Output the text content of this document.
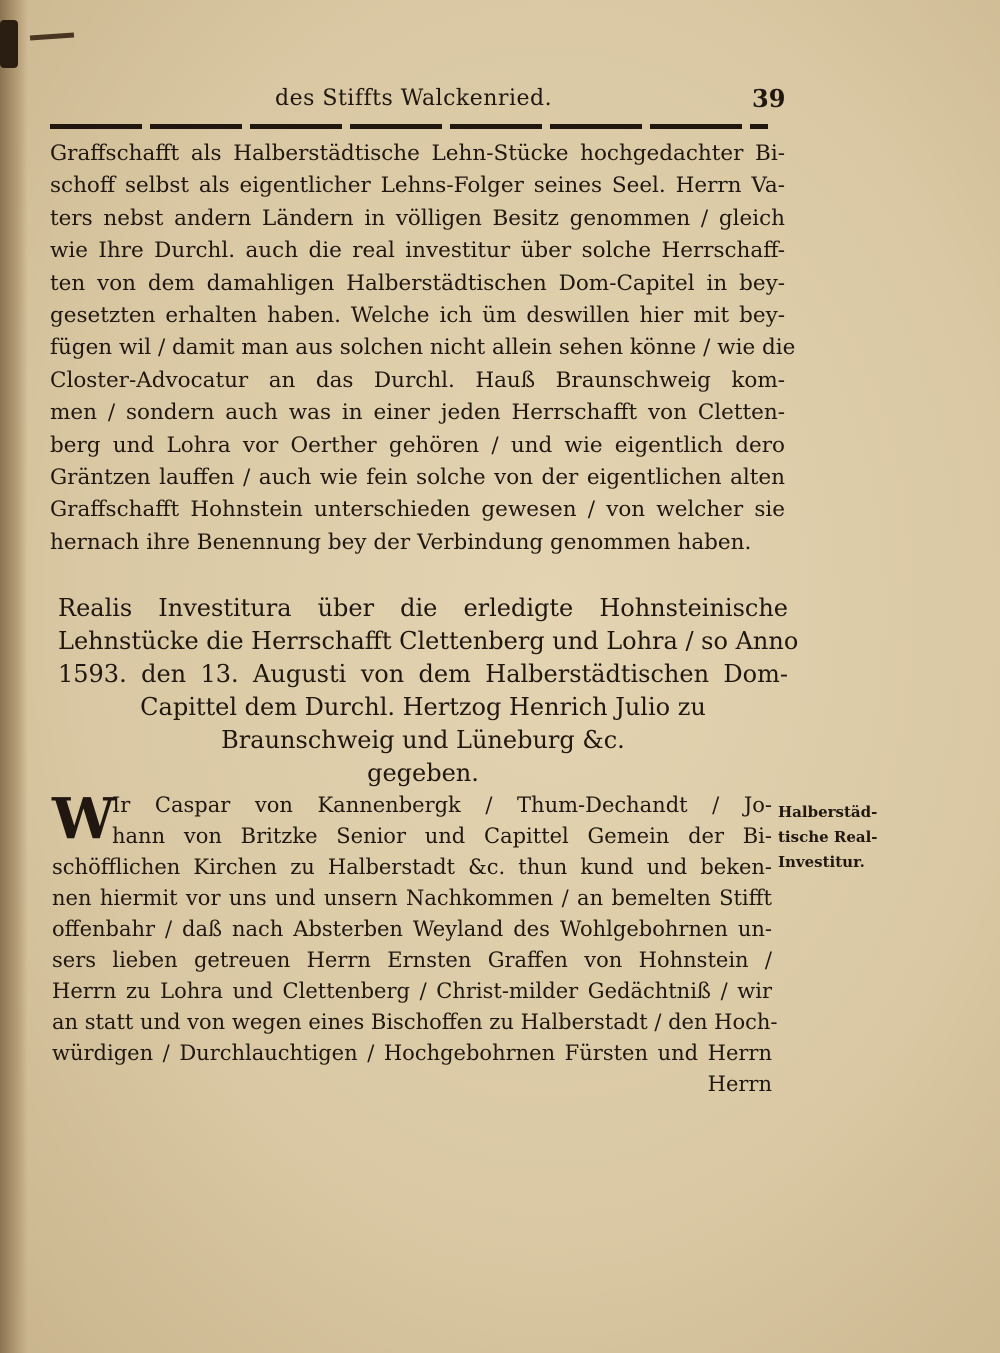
des Stiffts Walckenried.	39
Graffschafft als Halberstädtische Lehn-Stücke hochgedachter Bi-
schoff selbst als eigentlicher Lehns-Folger seines Seel. Herrn Va-
ters nebst andern Ländern in völligen Besitz genommen / gleich
wie Ihre Durchl. auch die real investitur über solche Herrschaff-
ten von dem damahligen Halberstädtischen Dom-Capitel in bey-
gesetzten erhalten haben. Welche ich üm deswillen hier mit bey-
fügen wil / damit man aus solchen nicht allein sehen könne / wie die
Closter-Advocatur an das Durchl. Hauß Braunschweig kom-
men / sondern auch was in einer jeden Herrschafft von Cletten-
berg und Lohra vor Oerther gehören / und wie eigentlich dero
Gräntzen lauffen / auch wie fein solche von der eigentlichen alten
Graffschafft Hohnstein unterschieden gewesen / von welcher sie
hernach ihre Benennung bey der Verbindung genommen haben.
Realis Investitura über die erledigte Hohnsteinische
Lehnstücke die Herrschafft Clettenberg und Lohra / so Anno
1593. den 13. Augusti von dem Halberstädtischen Dom-
Capittel dem Durchl. Hertzog Henrich Julio zu
Braunschweig und Lüneburg &c.
gegeben.
W
Ir Caspar von Kannenbergk / Thum-Dechandt / Jo-
hann von Britzke Senior und Capittel Gemein der Bi-
schöfflichen Kirchen zu Halberstadt &c. thun kund und beken-
nen hiermit vor uns und unsern Nachkommen / an bemelten Stifft
offenbahr / daß nach Absterben Weyland des Wohlgebohrnen un-
sers lieben getreuen Herrn Ernsten Graffen von Hohnstein /
Herrn zu Lohra und Clettenberg / Christ-milder Gedächtniß / wir
an statt und von wegen eines Bischoffen zu Halberstadt / den Hoch-
würdigen / Durchlauchtigen / Hochgebohrnen Fürsten und Herrn
Herrn
Halberstäd-
tische Real-
Investitur.
